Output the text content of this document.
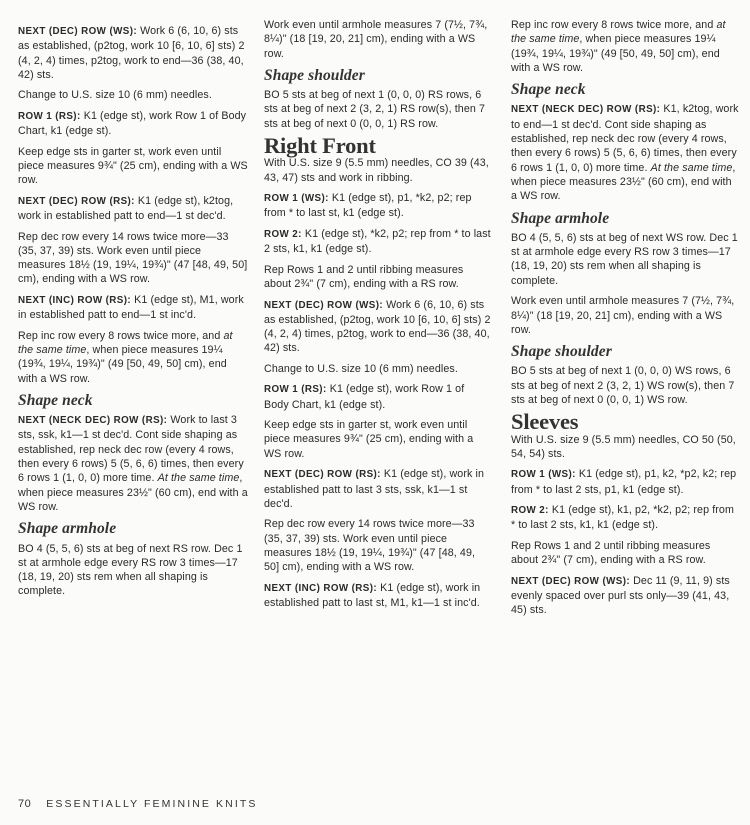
NEXT (DEC) ROW (WS): Work 6 (6, 10, 6) sts as established, (p2tog, work 10 [6, 10, 6] sts) 2 (4, 2, 4) times, p2tog, work to end—36 (38, 40, 42) sts.

Change to U.S. size 10 (6 mm) needles.

ROW 1 (RS): K1 (edge st), work Row 1 of Body Chart, k1 (edge st).

Keep edge sts in garter st, work even until piece measures 9¾" (25 cm), ending with a WS row.

NEXT (DEC) ROW (RS): K1 (edge st), k2tog, work in established patt to end—1 st dec'd.

Rep dec row every 14 rows twice more—33 (35, 37, 39) sts. Work even until piece measures 18½ (19, 19¼, 19¾)" (47 [48, 49, 50] cm), ending with a WS row.

NEXT (INC) ROW (RS): K1 (edge st), M1, work in established patt to end—1 st inc'd.

Rep inc row every 8 rows twice more, and at the same time, when piece measures 19¼ (19¾, 19¼, 19¾)" (49 [50, 49, 50] cm), end with a WS row.

Shape neck

NEXT (NECK DEC) ROW (RS): Work to last 3 sts, ssk, k1—1 st dec'd. Cont side shaping as established, rep neck dec row (every 4 rows, then every 6 rows) 5 (5, 6, 6) times, then every 6 rows 1 (1, 0, 0) more time. At the same time, when piece measures 23½" (60 cm), end with a WS row.

Shape armhole

BO 4 (5, 5, 6) sts at beg of next RS row. Dec 1 st at armhole edge every RS row 3 times—17 (18, 19, 20) sts rem when all shaping is complete.

Work even until armhole measures 7 (7½, 7¾, 8¼)" (18 [19, 20, 21] cm), ending with a WS row.

Shape shoulder

BO 5 sts at beg of next 1 (0, 0, 0) RS rows, 6 sts at beg of next 2 (3, 2, 1) RS row(s), then 7 sts at beg of next 0 (0, 0, 1) RS row.

Right Front

With U.S. size 9 (5.5 mm) needles, CO 39 (43, 43, 47) sts and work in ribbing.

ROW 1 (WS): K1 (edge st), p1, *k2, p2; rep from * to last st, k1 (edge st).

ROW 2: K1 (edge st), *k2, p2; rep from * to last 2 sts, k1, k1 (edge st).

Rep Rows 1 and 2 until ribbing measures about 2¾" (7 cm), ending with a RS row.

NEXT (DEC) ROW (WS): Work 6 (6, 10, 6) sts as established, (p2tog, work 10 [6, 10, 6] sts) 2 (4, 2, 4) times, p2tog, work to end—36 (38, 40, 42) sts.

Change to U.S. size 10 (6 mm) needles.

ROW 1 (RS): K1 (edge st), work Row 1 of Body Chart, k1 (edge st).

Keep edge sts in garter st, work even until piece measures 9¾" (25 cm), ending with a WS row.

NEXT (DEC) ROW (RS): K1 (edge st), work in established patt to last 3 sts, ssk, k1—1 st dec'd.

Rep dec row every 14 rows twice more—33 (35, 37, 39) sts. Work even until piece measures 18½ (19, 19¼, 19¾)" (47 [48, 49, 50] cm), ending with a WS row.

NEXT (INC) ROW (RS): K1 (edge st), work in established patt to last st, M1, k1—1 st inc'd.

Rep inc row every 8 rows twice more, and at the same time, when piece measures 19¼ (19¾, 19¼, 19¾)" (49 [50, 49, 50] cm), end with a WS row.

Shape neck

NEXT (NECK DEC) ROW (RS): K1, k2tog, work to end—1 st dec'd. Cont side shaping as established, rep neck dec row (every 4 rows, then every 6 rows) 5 (5, 6, 6) times, then every 6 rows 1 (1, 0, 0) more time. At the same time, when piece measures 23½" (60 cm), end with a WS row.

Shape armhole

BO 4 (5, 5, 6) sts at beg of next WS row. Dec 1 st at armhole edge every RS row 3 times—17 (18, 19, 20) sts rem when all shaping is complete.

Work even until armhole measures 7 (7½, 7¾, 8¼)" (18 [19, 20, 21] cm), ending with a WS row.

Shape shoulder

BO 5 sts at beg of next 1 (0, 0, 0) WS rows, 6 sts at beg of next 2 (3, 2, 1) WS row(s), then 7 sts at beg of next 0 (0, 0, 1) WS row.

Sleeves

With U.S. size 9 (5.5 mm) needles, CO 50 (50, 54, 54) sts.

ROW 1 (WS): K1 (edge st), p1, k2, *p2, k2; rep from * to last 2 sts, p1, k1 (edge st).

ROW 2: K1 (edge st), k1, p2, *k2, p2; rep from * to last 2 sts, k1, k1 (edge st).

Rep Rows 1 and 2 until ribbing measures about 2¾" (7 cm), ending with a RS row.

NEXT (DEC) ROW (WS): Dec 11 (9, 11, 9) sts evenly spaced over purl sts only—39 (41, 43, 45) sts.

70 ESSENTIALLY FEMININE KNITS
